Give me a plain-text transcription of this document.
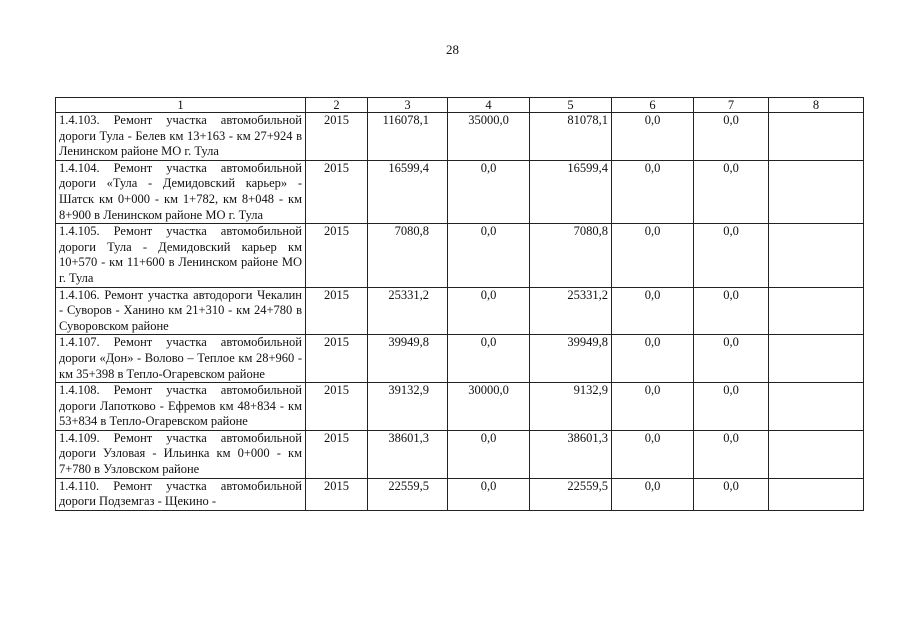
28
1	2	3	4	5	6	7	8
1.4.103. Ремонт участка автомобильной дороги Тула - Белев км 13+163 - км 27+924 в Ленинском районе МО г. Тула	2015	116078,1	35000,0	81078,1	0,0	0,0	
1.4.104. Ремонт участка автомобильной дороги «Тула - Демидовский карьер» - Шатск км 0+000 - км 1+782, км 8+048 - км 8+900 в Ленинском районе МО г. Тула	2015	16599,4	0,0	16599,4	0,0	0,0	
1.4.105. Ремонт участка автомобильной дороги Тула - Демидовский карьер км 10+570 - км 11+600 в Ленинском районе МО г. Тула	2015	7080,8	0,0	7080,8	0,0	0,0	
1.4.106. Ремонт участка автодороги Чекалин - Суворов - Ханино км 21+310 - км 24+780 в Суворовском районе	2015	25331,2	0,0	25331,2	0,0	0,0	
1.4.107. Ремонт участка автомобильной дороги «Дон» - Волово – Теплое км 28+960 - км 35+398 в Тепло-Огаревском районе	2015	39949,8	0,0	39949,8	0,0	0,0	
1.4.108. Ремонт участка автомобильной дороги Лапотково - Ефремов км 48+834 - км 53+834 в Тепло-Огаревском районе	2015	39132,9	30000,0	9132,9	0,0	0,0	
1.4.109. Ремонт участка автомобильной дороги Узловая - Ильинка км 0+000 - км 7+780 в Узловском районе	2015	38601,3	0,0	38601,3	0,0	0,0	
1.4.110. Ремонт участка автомобильной дороги Подземгаз - Щекино -	2015	22559,5	0,0	22559,5	0,0	0,0	
